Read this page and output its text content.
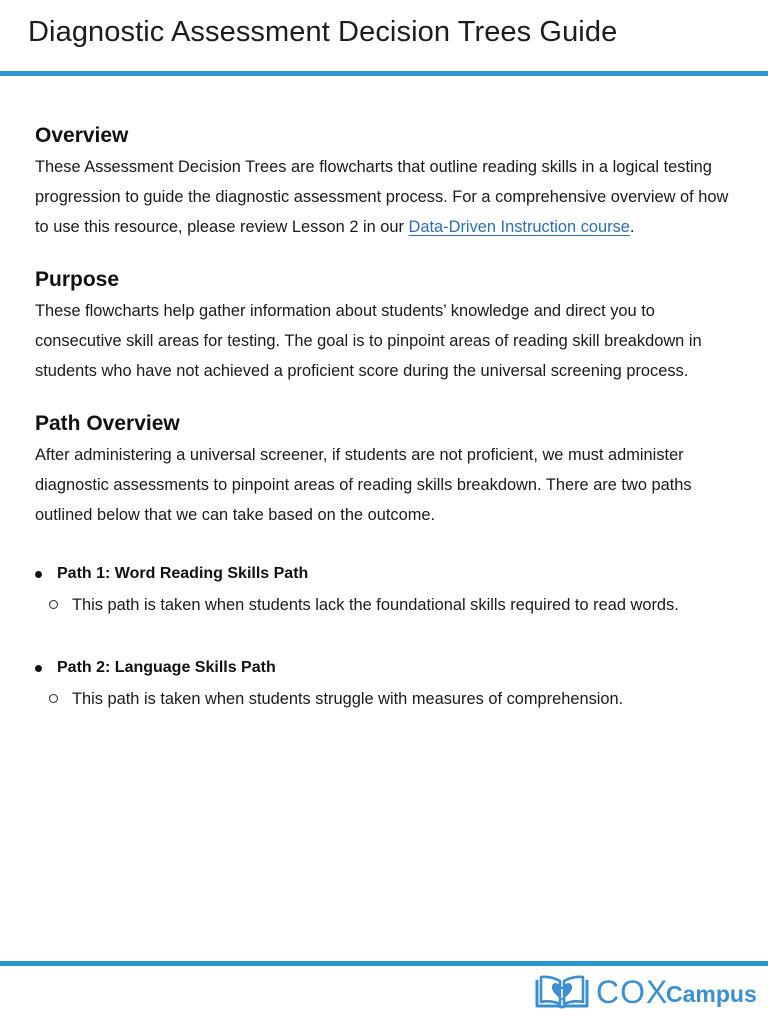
Diagnostic Assessment Decision Trees Guide
Overview

These Assessment Decision Trees are flowcharts that outline reading skills in a logical testing progression to guide the diagnostic assessment process. For a comprehensive overview of how to use this resource, please review Lesson 2 in our Data-Driven Instruction course.

Purpose

These flowcharts help gather information about students’ knowledge and direct you to consecutive skill areas for testing. The goal is to pinpoint areas of reading skill breakdown in students who have not achieved a proficient score during the universal screening process.

Path Overview

After administering a universal screener, if students are not proficient, we must administer diagnostic assessments to pinpoint areas of reading skills breakdown. There are two paths outlined below that we can take based on the outcome.

Path 1: Word Reading Skills Path
This path is taken when students lack the foundational skills required to read words.
Path 2: Language Skills Path
This path is taken when students struggle with measures of comprehension.
COX
Campus
